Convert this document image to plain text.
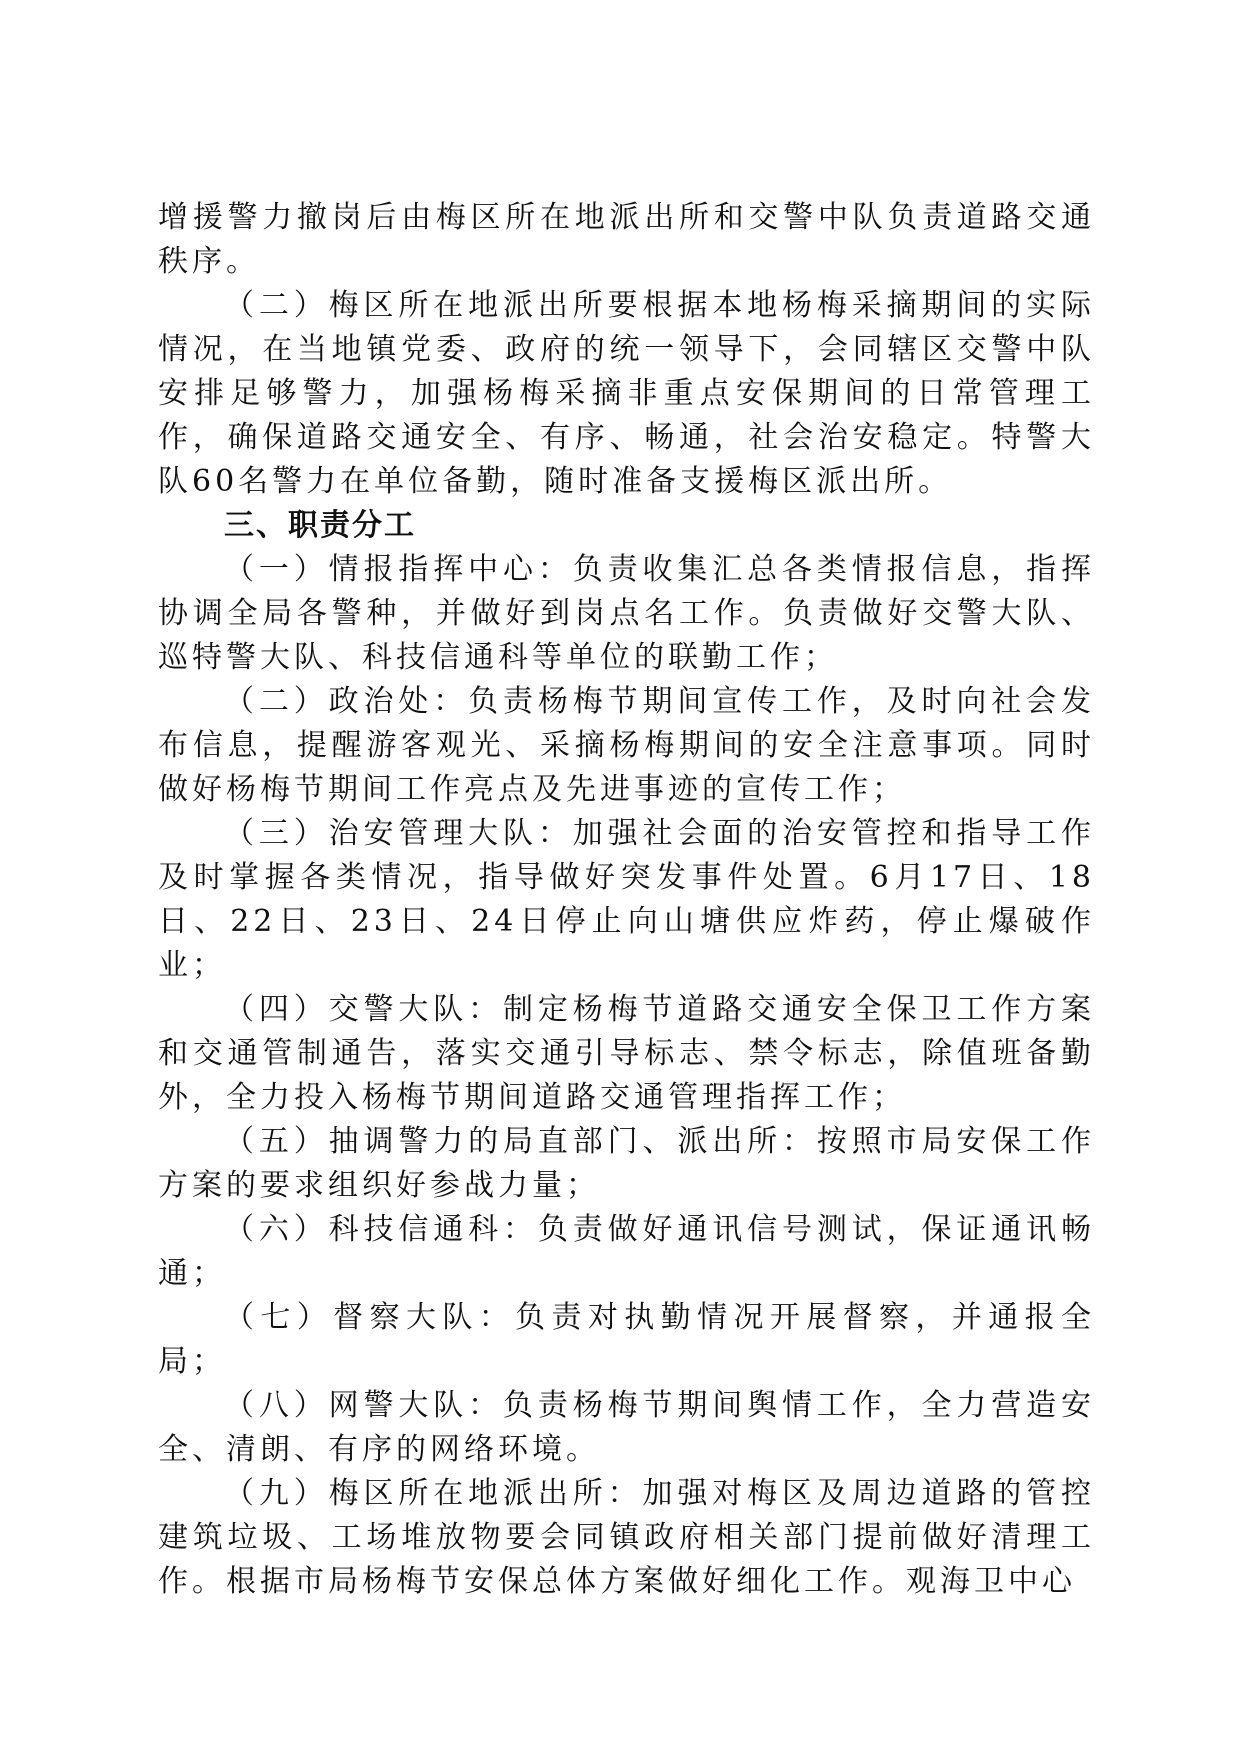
增援警力撤岗后由梅区所在地派出所和交警中队负责道路交通秩序。

（二）梅区所在地派出所要根据本地杨梅采摘期间的实际情况，在当地镇党委、政府的统一领导下，会同辖区交警中队安排足够警力，加强杨梅采摘非重点安保期间的日常管理工作，确保道路交通安全、有序、畅通，社会治安稳定。特警大队60名警力在单位备勤，随时准备支援梅区派出所。

三、职责分工

（一）情报指挥中心：负责收集汇总各类情报信息，指挥协调全局各警种，并做好到岗点名工作。负责做好交警大队、巡特警大队、科技信通科等单位的联勤工作；

（二）政治处：负责杨梅节期间宣传工作，及时向社会发布信息，提醒游客观光、采摘杨梅期间的安全注意事项。同时做好杨梅节期间工作亮点及先进事迹的宣传工作；

（三）治安管理大队：加强社会面的治安管控和指导工作及时掌握各类情况，指导做好突发事件处置。6月17日、18日、22日、23日、24日停止向山塘供应炸药，停止爆破作业；

（四）交警大队：制定杨梅节道路交通安全保卫工作方案和交通管制通告，落实交通引导标志、禁令标志，除值班备勤外，全力投入杨梅节期间道路交通管理指挥工作；

（五）抽调警力的局直部门、派出所：按照市局安保工作方案的要求组织好参战力量；

（六）科技信通科：负责做好通讯信号测试，保证通讯畅通；

（七）督察大队：负责对执勤情况开展督察，并通报全局；

（八）网警大队：负责杨梅节期间舆情工作，全力营造安全、清朗、有序的网络环境。

（九）梅区所在地派出所：加强对梅区及周边道路的管控建筑垃圾、工场堆放物要会同镇政府相关部门提前做好清理工作。根据市局杨梅节安保总体方案做好细化工作。观海卫中心
